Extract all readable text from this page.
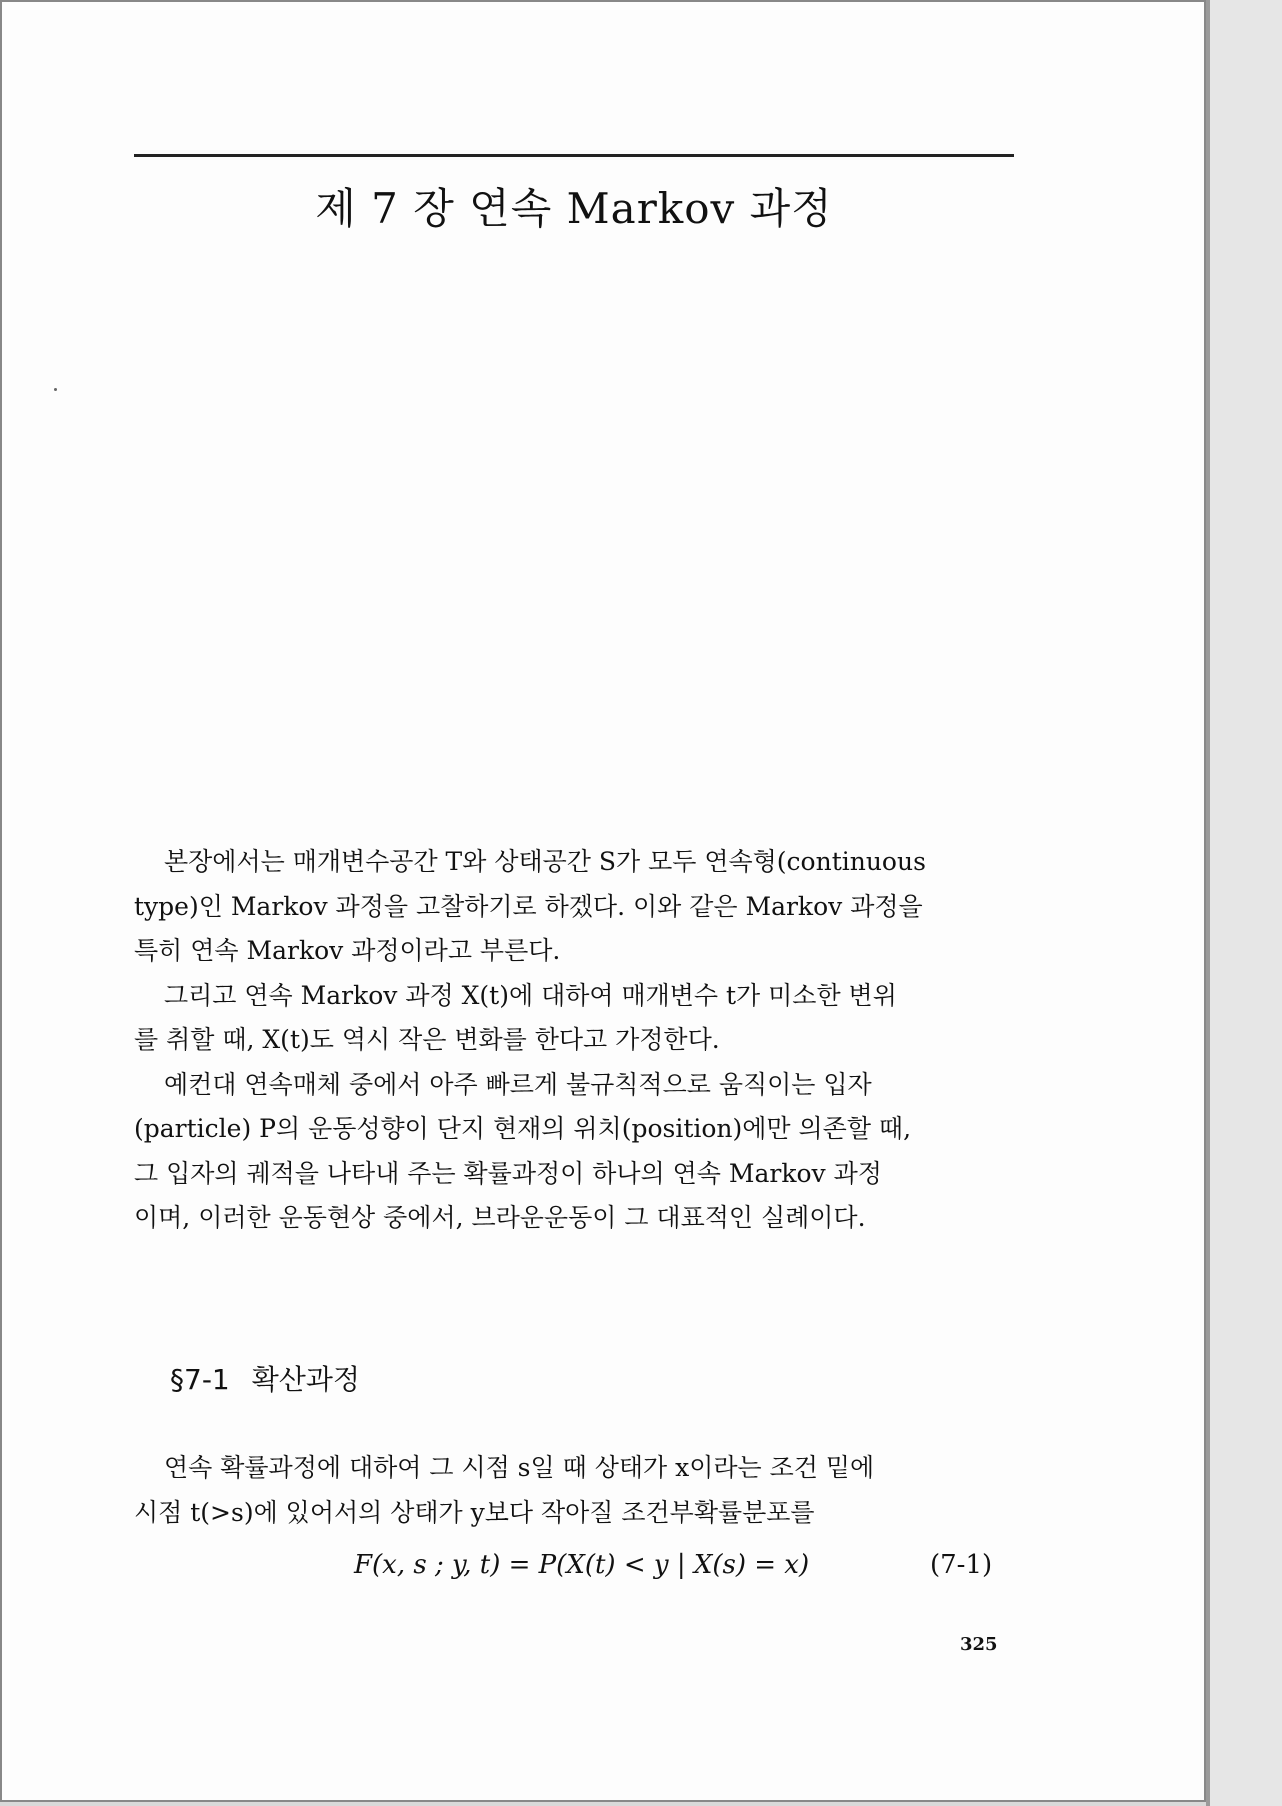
제 7 장 연속 Markov 과정

본장에서는 매개변수공간 T와 상태공간 S가 모두 연속형(continuous

type)인 Markov 과정을 고찰하기로 하겠다. 이와 같은 Markov 과정을

특히 연속 Markov 과정이라고 부른다.

그리고 연속 Markov 과정 X(t)에 대하여 매개변수 t가 미소한 변위

를 취할 때, X(t)도 역시 작은 변화를 한다고 가정한다.

예컨대 연속매체 중에서 아주 빠르게 불규칙적으로 움직이는 입자

(particle) P의 운동성향이 단지 현재의 위치(position)에만 의존할 때,

그 입자의 궤적을 나타내 주는 확률과정이 하나의 연속 Markov 과정

이며, 이러한 운동현상 중에서, 브라운운동이 그 대표적인 실례이다.

§7-1 확산과정

연속 확률과정에 대하여 그 시점 s일 때 상태가 x이라는 조건 밑에

시점 t(>s)에 있어서의 상태가 y보다 작아질 조건부확률분포를

F(x, s ; y, t) = P(X(t) < y | X(s) = x)	(7-1)
325
